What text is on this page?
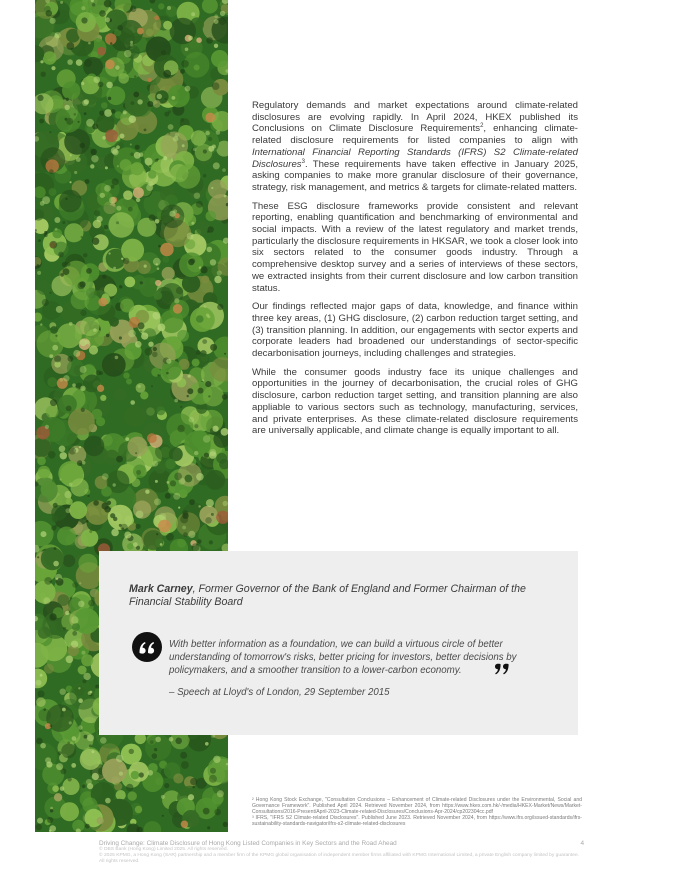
Regulatory demands and market expectations around climate-related disclosures are evolving rapidly. In April 2024, HKEX published its Conclusions on Climate Disclosure Requirements$^2$, enhancing climate-related disclosure requirements for listed companies to align with International Financial Reporting Standards (IFRS) S2 Climate-related Disclosures$^3$. These requirements have taken effective in January 2025, asking companies to make more granular disclosure of their governance, strategy, risk management, and metrics & targets for climate-related matters.

These ESG disclosure frameworks provide consistent and relevant reporting, enabling quantification and benchmarking of environmental and social impacts. With a review of the latest regulatory and market trends, particularly the disclosure requirements in HKSAR, we took a closer look into six sectors related to the consumer goods industry. Through a comprehensive desktop survey and a series of interviews of these sectors, we extracted insights from their current disclosure and low carbon transition status.

Our findings reflected major gaps of data, knowledge, and finance within three key areas, (1) GHG disclosure, (2) carbon reduction target setting, and (3) transition planning. In addition, our engagements with sector experts and corporate leaders had broadened our understandings of sector-specific decarbonisation journeys, including challenges and strategies.

While the consumer goods industry face its unique challenges and opportunities in the journey of decarbonisation, the crucial roles of GHG disclosure, carbon reduction target setting, and transition planning are also appliable to various sectors such as technology, manufacturing, services, and private enterprises. As these climate-related disclosure requirements are universally applicable, and climate change is equally important to all.

Mark Carney, Former Governor of the Bank of England and Former Chairman of the Financial Stability Board
With better information as a foundation, we can build a virtuous circle of better understanding of tomorrow's risks, better pricing for investors, better decisions by policymakers, and a smoother transition to a lower-carbon economy.
– Speech at Lloyd's of London, 29 September 2015

² Hong Kong Stock Exchange, "Consultation Conclusions – Enhancement of Climate-related Disclosures under the Environmental, Social and Governance Framework". Published April 2024. Retrieved November 2024, from https://www.hkex.com.hk/-/media/HKEX-Market/News/Market-Consultations/2016-Present/April-2023-Climate-related-Disclosures/Conclusions-Apr-2024/cp202304cc.pdf

³ IFRS, "IFRS S2 Climate-related Disclosures". Published June 2023. Retrieved November 2024, from https://www.ifrs.org/issued-standards/ifrs-sustainability-standards-navigator/ifrs-s2-climate-related-disclosures

Driving Change: Climate Disclosure of Hong Kong Listed Companies in Key Sectors and the Road Ahead
© DBS Bank (Hong Kong) Limited 2025. All rights reserved.
© 2025 KPMG, a Hong Kong (SAR) partnership and a member firm of the KPMG global organisation of independent member firms affiliated with KPMG International Limited, a private English company limited by guarantee. All rights reserved.
4
